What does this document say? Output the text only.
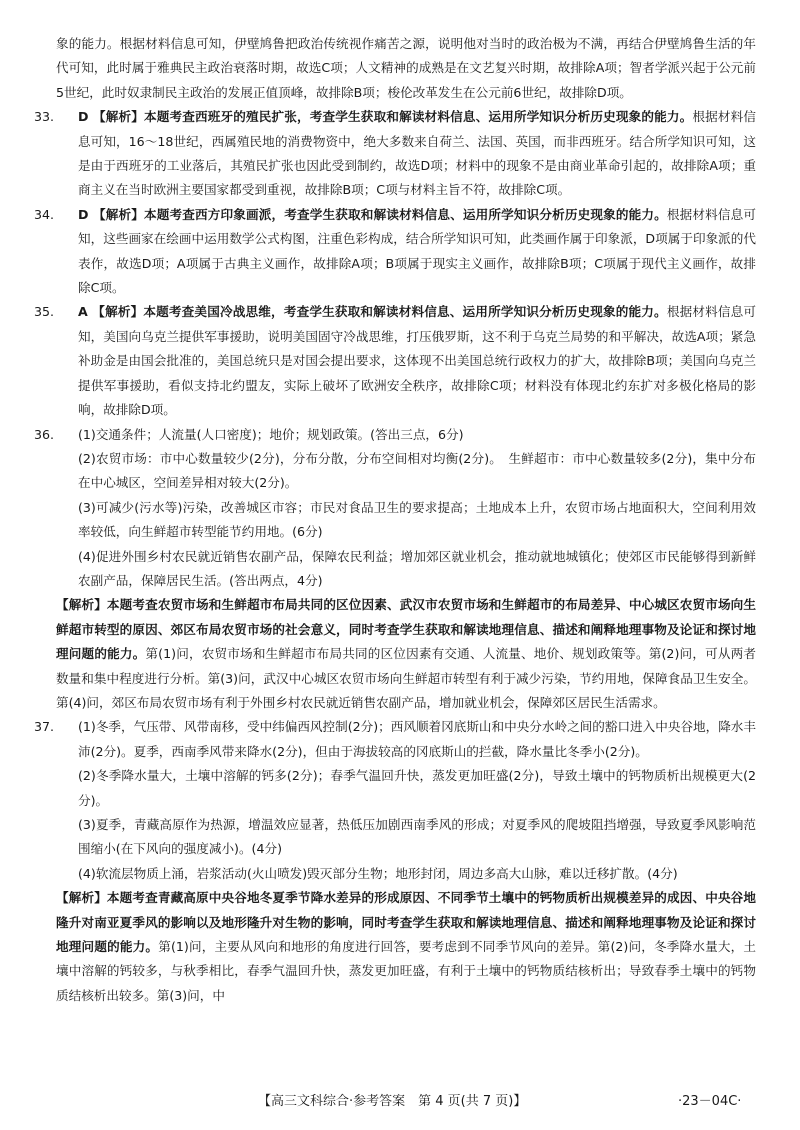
象的能力。根据材料信息可知，伊壁鸠鲁把政治传统视作痛苦之源，说明他对当时的政治极为不满，再结合伊壁鸠鲁生活的年代可知，此时属于雅典民主政治衰落时期，故选C项；人文精神的成熟是在文艺复兴时期，故排除A项；智者学派兴起于公元前5世纪，此时奴隶制民主政治的发展正值顶峰，故排除B项；梭伦改革发生在公元前6世纪，故排除D项。

33. D 【解析】本题考查西班牙的殖民扩张，考查学生获取和解读材料信息、运用所学知识分析历史现象的能力。根据材料信息可知，16～18世纪，西属殖民地的消费物资中，绝大多数来自荷兰、法国、英国，而非西班牙。结合所学知识可知，这是由于西班牙的工业落后，其殖民扩张也因此受到制约，故选D项；材料中的现象不是由商业革命引起的，故排除A项；重商主义在当时欧洲主要国家都受到重视，故排除B项；C项与材料主旨不符，故排除C项。

34. D 【解析】本题考查西方印象画派，考查学生获取和解读材料信息、运用所学知识分析历史现象的能力。根据材料信息可知，这些画家在绘画中运用数学公式构图，注重色彩构成，结合所学知识可知，此类画作属于印象派，D项属于印象派的代表作，故选D项；A项属于古典主义画作，故排除A项；B项属于现实主义画作，故排除B项；C项属于现代主义画作，故排除C项。

35. A 【解析】本题考查美国冷战思维，考查学生获取和解读材料信息、运用所学知识分析历史现象的能力。根据材料信息可知，美国向乌克兰提供军事援助，说明美国固守冷战思维，打压俄罗斯，这不利于乌克兰局势的和平解决，故选A项；紧急补助金是由国会批准的，美国总统只是对国会提出要求，这体现不出美国总统行政权力的扩大，故排除B项；美国向乌克兰提供军事援助，看似支持北约盟友，实际上破坏了欧洲安全秩序，故排除C项；材料没有体现北约东扩对多极化格局的影响，故排除D项。

36. (1)交通条件；人流量(人口密度)；地价；规划政策。(答出三点，6分)

(2)农贸市场：市中心数量较少(2分)，分布分散，分布空间相对均衡(2分)。　生鲜超市：市中心数量较多(2分)，集中分布在中心城区，空间差异相对较大(2分)。

(3)可减少(污水等)污染，改善城区市容；市民对食品卫生的要求提高；土地成本上升，农贸市场占地面积大，空间利用效率较低，向生鲜超市转型能节约用地。(6分)

(4)促进外围乡村农民就近销售农副产品，保障农民利益；增加郊区就业机会，推动就地城镇化；使郊区市民能够得到新鲜农副产品，保障居民生活。(答出两点，4分)

【解析】本题考查农贸市场和生鲜超市布局共同的区位因素、武汉市农贸市场和生鲜超市的布局差异、中心城区农贸市场向生鲜超市转型的原因、郊区布局农贸市场的社会意义，同时考查学生获取和解读地理信息、描述和阐释地理事物及论证和探讨地理问题的能力。第(1)问，农贸市场和生鲜超市布局共同的区位因素有交通、人流量、地价、规划政策等。第(2)问，可从两者数量和集中程度进行分析。第(3)问，武汉中心城区农贸市场向生鲜超市转型有利于减少污染，节约用地，保障食品卫生安全。第(4)问，郊区布局农贸市场有利于外围乡村农民就近销售农副产品，增加就业机会，保障郊区居民生活需求。

37. (1)冬季，气压带、风带南移，受中纬偏西风控制(2分)；西风顺着冈底斯山和中央分水岭之间的豁口进入中央谷地，降水丰沛(2分)。夏季，西南季风带来降水(2分)，但由于海拔较高的冈底斯山的拦截，降水量比冬季小(2分)。

(2)冬季降水量大，土壤中溶解的钙多(2分)；春季气温回升快，蒸发更加旺盛(2分)，导致土壤中的钙物质析出规模更大(2分)。

(3)夏季，青藏高原作为热源，增温效应显著，热低压加剧西南季风的形成；对夏季风的爬坡阻挡增强，导致夏季风影响范围缩小(在下风向的强度减小)。(4分)

(4)软流层物质上涌，岩浆活动(火山喷发)毁灭部分生物；地形封闭，周边多高大山脉，难以迁移扩散。(4分)

【解析】本题考查青藏高原中央谷地冬夏季节降水差异的形成原因、不同季节土壤中的钙物质析出规模差异的成因、中央谷地隆升对南亚夏季风的影响以及地形隆升对生物的影响，同时考查学生获取和解读地理信息、描述和阐释地理事物及论证和探讨地理问题的能力。第(1)问，主要从风向和地形的角度进行回答，要考虑到不同季节风向的差异。第(2)问，冬季降水量大，土壤中溶解的钙较多，与秋季相比，春季气温回升快，蒸发更加旺盛，有利于土壤中的钙物质结核析出；导致春季土壤中的钙物质结核析出较多。第(3)问，中

【高三文科综合·参考答案　第 4 页(共 7 页)】	·23－04C·
